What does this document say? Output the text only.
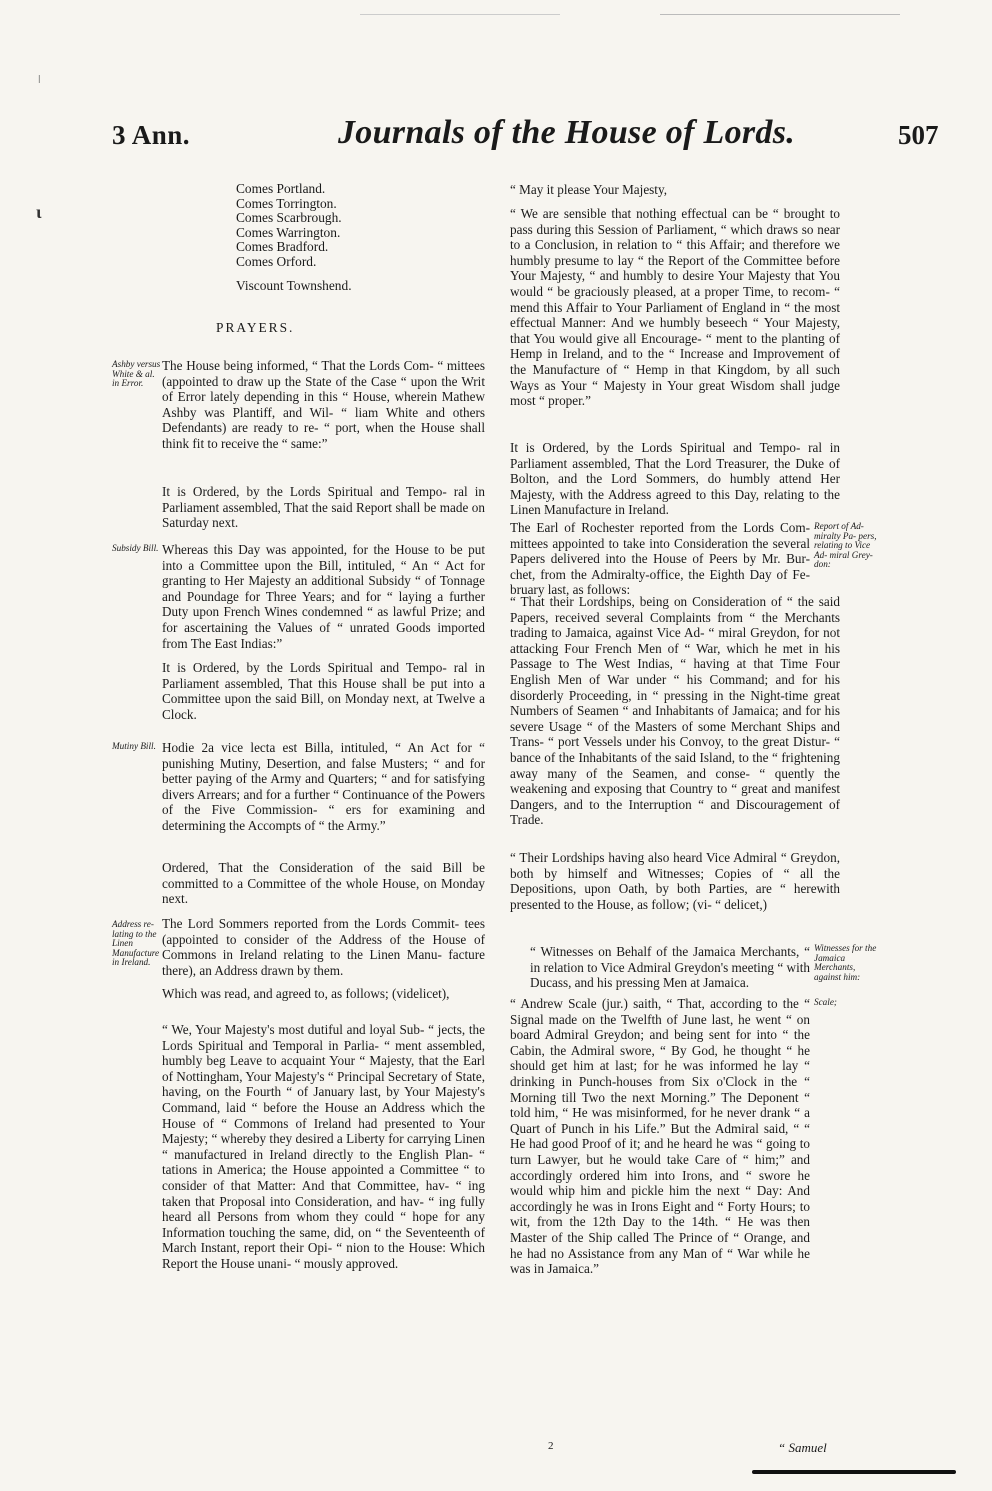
ǀ
ɩ
3 Ann.	Journals of the House of Lords.	507
Comes Portland.
Comes Torrington.
Comes Scarbrough.
Comes Warrington.
Comes Bradford.
Comes Orford.
Viscount Townshend.
PRAYERS.
Ashby versus White & al. in Error.

The House being informed, “ That the Lords Com- “ mittees (appointed to draw up the State of the Case “ upon the Writ of Error lately depending in this “ House, wherein Mathew Ashby was Plantiff, and Wil- “ liam White and others Defendants) are ready to re- “ port, when the House shall think fit to receive the “ same:”

It is Ordered, by the Lords Spiritual and Tempo- ral in Parliament assembled, That the said Report shall be made on Saturday next.

Subsidy Bill. Whereas this Day was appointed, for the House to be put into a Committee upon the Bill, intituled, “ An “ Act for granting to Her Majesty an additional Subsidy “ of Tonnage and Poundage for Three Years; and for “ laying a further Duty upon French Wines condemned “ as lawful Prize; and for ascertaining the Values of “ unrated Goods imported from The East Indias:”

It is Ordered, by the Lords Spiritual and Tempo- ral in Parliament assembled, That this House shall be put into a Committee upon the said Bill, on Monday next, at Twelve a Clock.

Mutiny Bill. Hodie 2a vice lecta est Billa, intituled, “ An Act for “ punishing Mutiny, Desertion, and false Musters; “ and for better paying of the Army and Quarters; “ and for satisfying divers Arrears; and for a further “ Continuance of the Powers of the Five Commission- “ ers for examining and determining the Accompts of “ the Army.”

Ordered, That the Consideration of the said Bill be committed to a Committee of the whole House, on Monday next.

Address re- lating to the Linen Manufacture in Ireland.

The Lord Sommers reported from the Lords Commit- tees (appointed to consider of the Address of the House of Commons in Ireland relating to the Linen Manu- facture there), an Address drawn by them.

Which was read, and agreed to, as follows; (videlicet),

“ We, Your Majesty's most dutiful and loyal Sub- “ jects, the Lords Spiritual and Temporal in Parlia- “ ment assembled, humbly beg Leave to acquaint Your “ Majesty, that the Earl of Nottingham, Your Majesty's “ Principal Secretary of State, having, on the Fourth “ of January last, by Your Majesty's Command, laid “ before the House an Address which the House of “ Commons of Ireland had presented to Your Majesty; “ whereby they desired a Liberty for carrying Linen “ manufactured in Ireland directly to the English Plan- “ tations in America; the House appointed a Committee “ to consider of that Matter: And that Committee, hav- “ ing taken that Proposal into Consideration, and hav- “ ing fully heard all Persons from whom they could “ hope for any Information touching the same, did, on “ the Seventeenth of March Instant, report their Opi- “ nion to the House: Which Report the House unani- “ mously approved.

“ May it please Your Majesty,

“ We are sensible that nothing effectual can be “ brought to pass during this Session of Parliament, “ which draws so near to a Conclusion, in relation to “ this Affair; and therefore we humbly presume to lay “ the Report of the Committee before Your Majesty, “ and humbly to desire Your Majesty that You would “ be graciously pleased, at a proper Time, to recom- “ mend this Affair to Your Parliament of England in “ the most effectual Manner: And we humbly beseech “ Your Majesty, that You would give all Encourage- “ ment to the planting of Hemp in Ireland, and to the “ Increase and Improvement of the Manufacture of “ Hemp in that Kingdom, by all such Ways as Your “ Majesty in Your great Wisdom shall judge most “ proper.”

It is Ordered, by the Lords Spiritual and Tempo- ral in Parliament assembled, That the Lord Treasurer, the Duke of Bolton, and the Lord Sommers, do humbly attend Her Majesty, with the Address agreed to this Day, relating to the Linen Manufacture in Ireland.

Report of Ad- miralty Pa- pers, relating to Vice Ad- miral Grey- don:

The Earl of Rochester reported from the Lords Com- mittees appointed to take into Consideration the several Papers delivered into the House of Peers by Mr. Bur- chet, from the Admiralty-office, the Eighth Day of Fe- bruary last, as follows:

“ That their Lordships, being on Consideration of “ the said Papers, received several Complaints from “ the Merchants trading to Jamaica, against Vice Ad- “ miral Greydon, for not attacking Four French Men of “ War, which he met in his Passage to The West Indias, “ having at that Time Four English Men of War under “ his Command; and for his disorderly Proceeding, in “ pressing in the Night-time great Numbers of Seamen “ and Inhabitants of Jamaica; and for his severe Usage “ of the Masters of some Merchant Ships and Trans- “ port Vessels under his Convoy, to the great Distur- “ bance of the Inhabitants of the said Island, to the “ frightening away many of the Seamen, and conse- “ quently the weakening and exposing that Country to “ great and manifest Dangers, and to the Interruption “ and Discouragement of Trade.

“ Their Lordships having also heard Vice Admiral “ Greydon, both by himself and Witnesses; Copies of “ all the Depositions, upon Oath, by both Parties, are “ herewith presented to the House, as follow; (vi- “ delicet,)

Witnesses for the Jamaica Merchants, against him:

“ Witnesses on Behalf of the Jamaica Merchants, “ in relation to Vice Admiral Greydon's meeting “ with Ducass, and his pressing Men at Jamaica.

Scale;

“ Andrew Scale (jur.) saith, “ That, according to the “ Signal made on the Twelfth of June last, he went “ on board Admiral Greydon; and being sent for into “ the Cabin, the Admiral swore, “ By God, he thought “ he should get him at last; for he was informed he lay “ drinking in Punch-houses from Six o'Clock in the “ Morning till Two the next Morning.” The Deponent “ told him, “ He was misinformed, for he never drank “ a Quart of Punch in his Life.” But the Admiral said, “ “ He had good Proof of it; and he heard he was “ going to turn Lawyer, but he would take Care of “ him;” and accordingly ordered him into Irons, and “ swore he would whip him and pickle him the next “ Day: And accordingly he was in Irons Eight and “ Forty Hours; to wit, from the 12th Day to the 14th. “ He was then Master of the Ship called The Prince of “ Orange, and he had no Assistance from any Man of “ War while he was in Jamaica.”

2	“ Samuel
